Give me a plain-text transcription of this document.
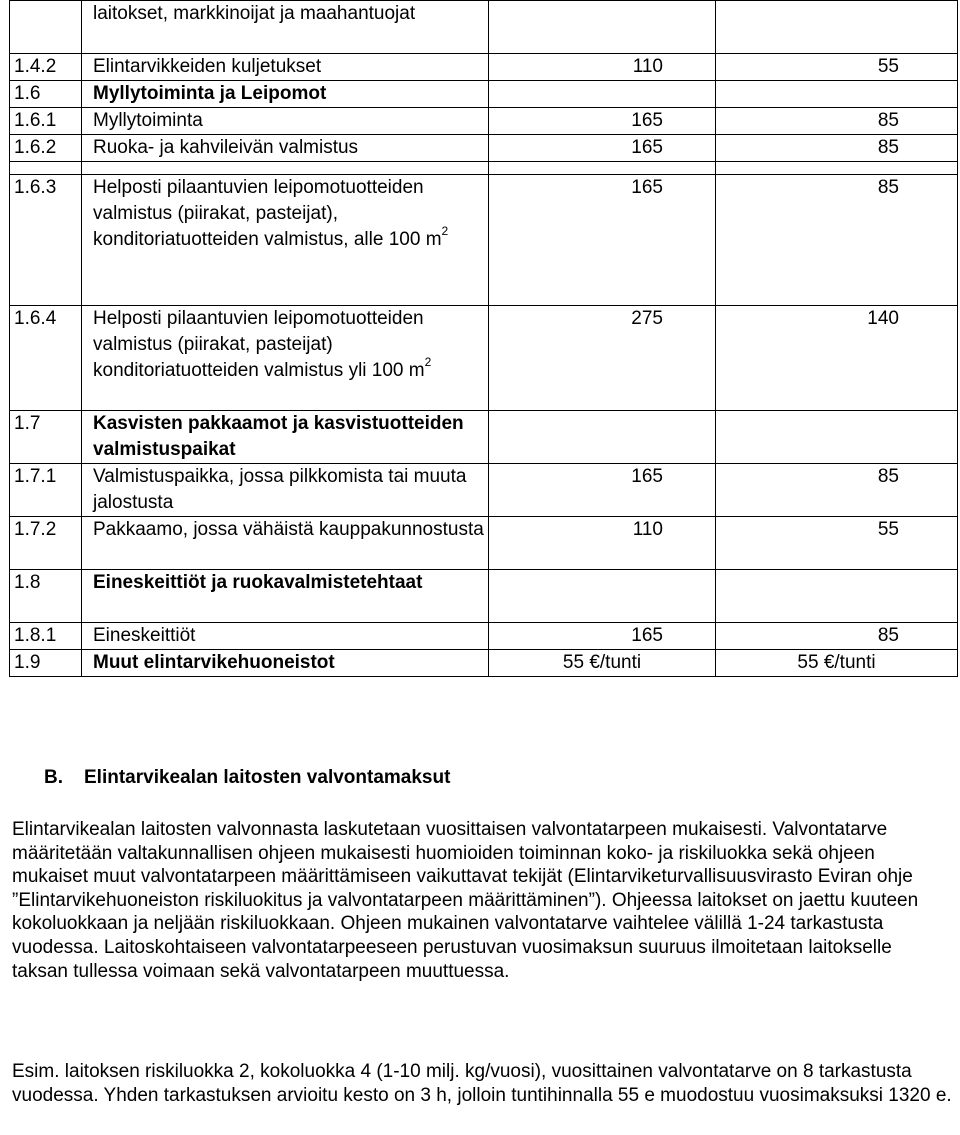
	laitokset, markkinoijat ja maahantuojat		
1.4.2	Elintarvikkeiden kuljetukset	110	55
1.6	Myllytoiminta ja Leipomot		
1.6.1	Myllytoiminta	165	85
1.6.2	Ruoka- ja kahvileivän valmistus	165	85

1.6.3	Helposti pilaantuvien leipomotuotteiden valmistus (piirakat, pasteijat), konditoriatuotteiden valmistus, alle 100 $m^2$	165	85
1.6.4	Helposti pilaantuvien leipomotuotteiden valmistus (piirakat, pasteijat) konditoriatuotteiden valmistus yli 100 $m^2$	275	140
1.7	Kasvisten pakkaamot ja kasvistuotteiden valmistuspaikat		
1.7.1	Valmistuspaikka, jossa pilkkomista tai muuta jalostusta	165	85
1.7.2	Pakkaamo, jossa vähäistä kauppakunnostusta	110	55
1.8	Eineskeittiöt ja ruokavalmistetehtaat		
1.8.1	Eineskeittiöt	165	85
1.9	Muut elintarvikehuoneistot	55 €/tunti	55 €/tunti
B. Elintarvikealan laitosten valvontamaksut

Elintarvikealan laitosten valvonnasta laskutetaan vuosittaisen valvontatarpeen mukaisesti. Valvontatarve määritetään valtakunnallisen ohjeen mukaisesti huomioiden toiminnan koko- ja riskiluokka sekä ohjeen mukaiset muut valvontatarpeen määrittämiseen vaikuttavat tekijät (Elintarviketurvallisuusvirasto Eviran ohje ”Elintarvikehuoneiston riskiluokitus ja valvontatarpeen määrittäminen”). Ohjeessa laitokset on jaettu kuuteen kokoluokkaan ja neljään riskiluokkaan. Ohjeen mukainen valvontatarve vaihtelee välillä 1-24 tarkastusta vuodessa. Laitoskohtaiseen valvontatarpeeseen perustuvan vuosimaksun suuruus ilmoitetaan laitokselle taksan tullessa voimaan sekä valvontatarpeen muuttuessa.

Esim. laitoksen riskiluokka 2, kokoluokka 4 (1-10 milj. kg/vuosi), vuosittainen valvontatarve on 8 tarkastusta vuodessa. Yhden tarkastuksen arvioitu kesto on 3 h, jolloin tuntihinnalla 55 e muodostuu vuosimaksuksi 1320 e.
